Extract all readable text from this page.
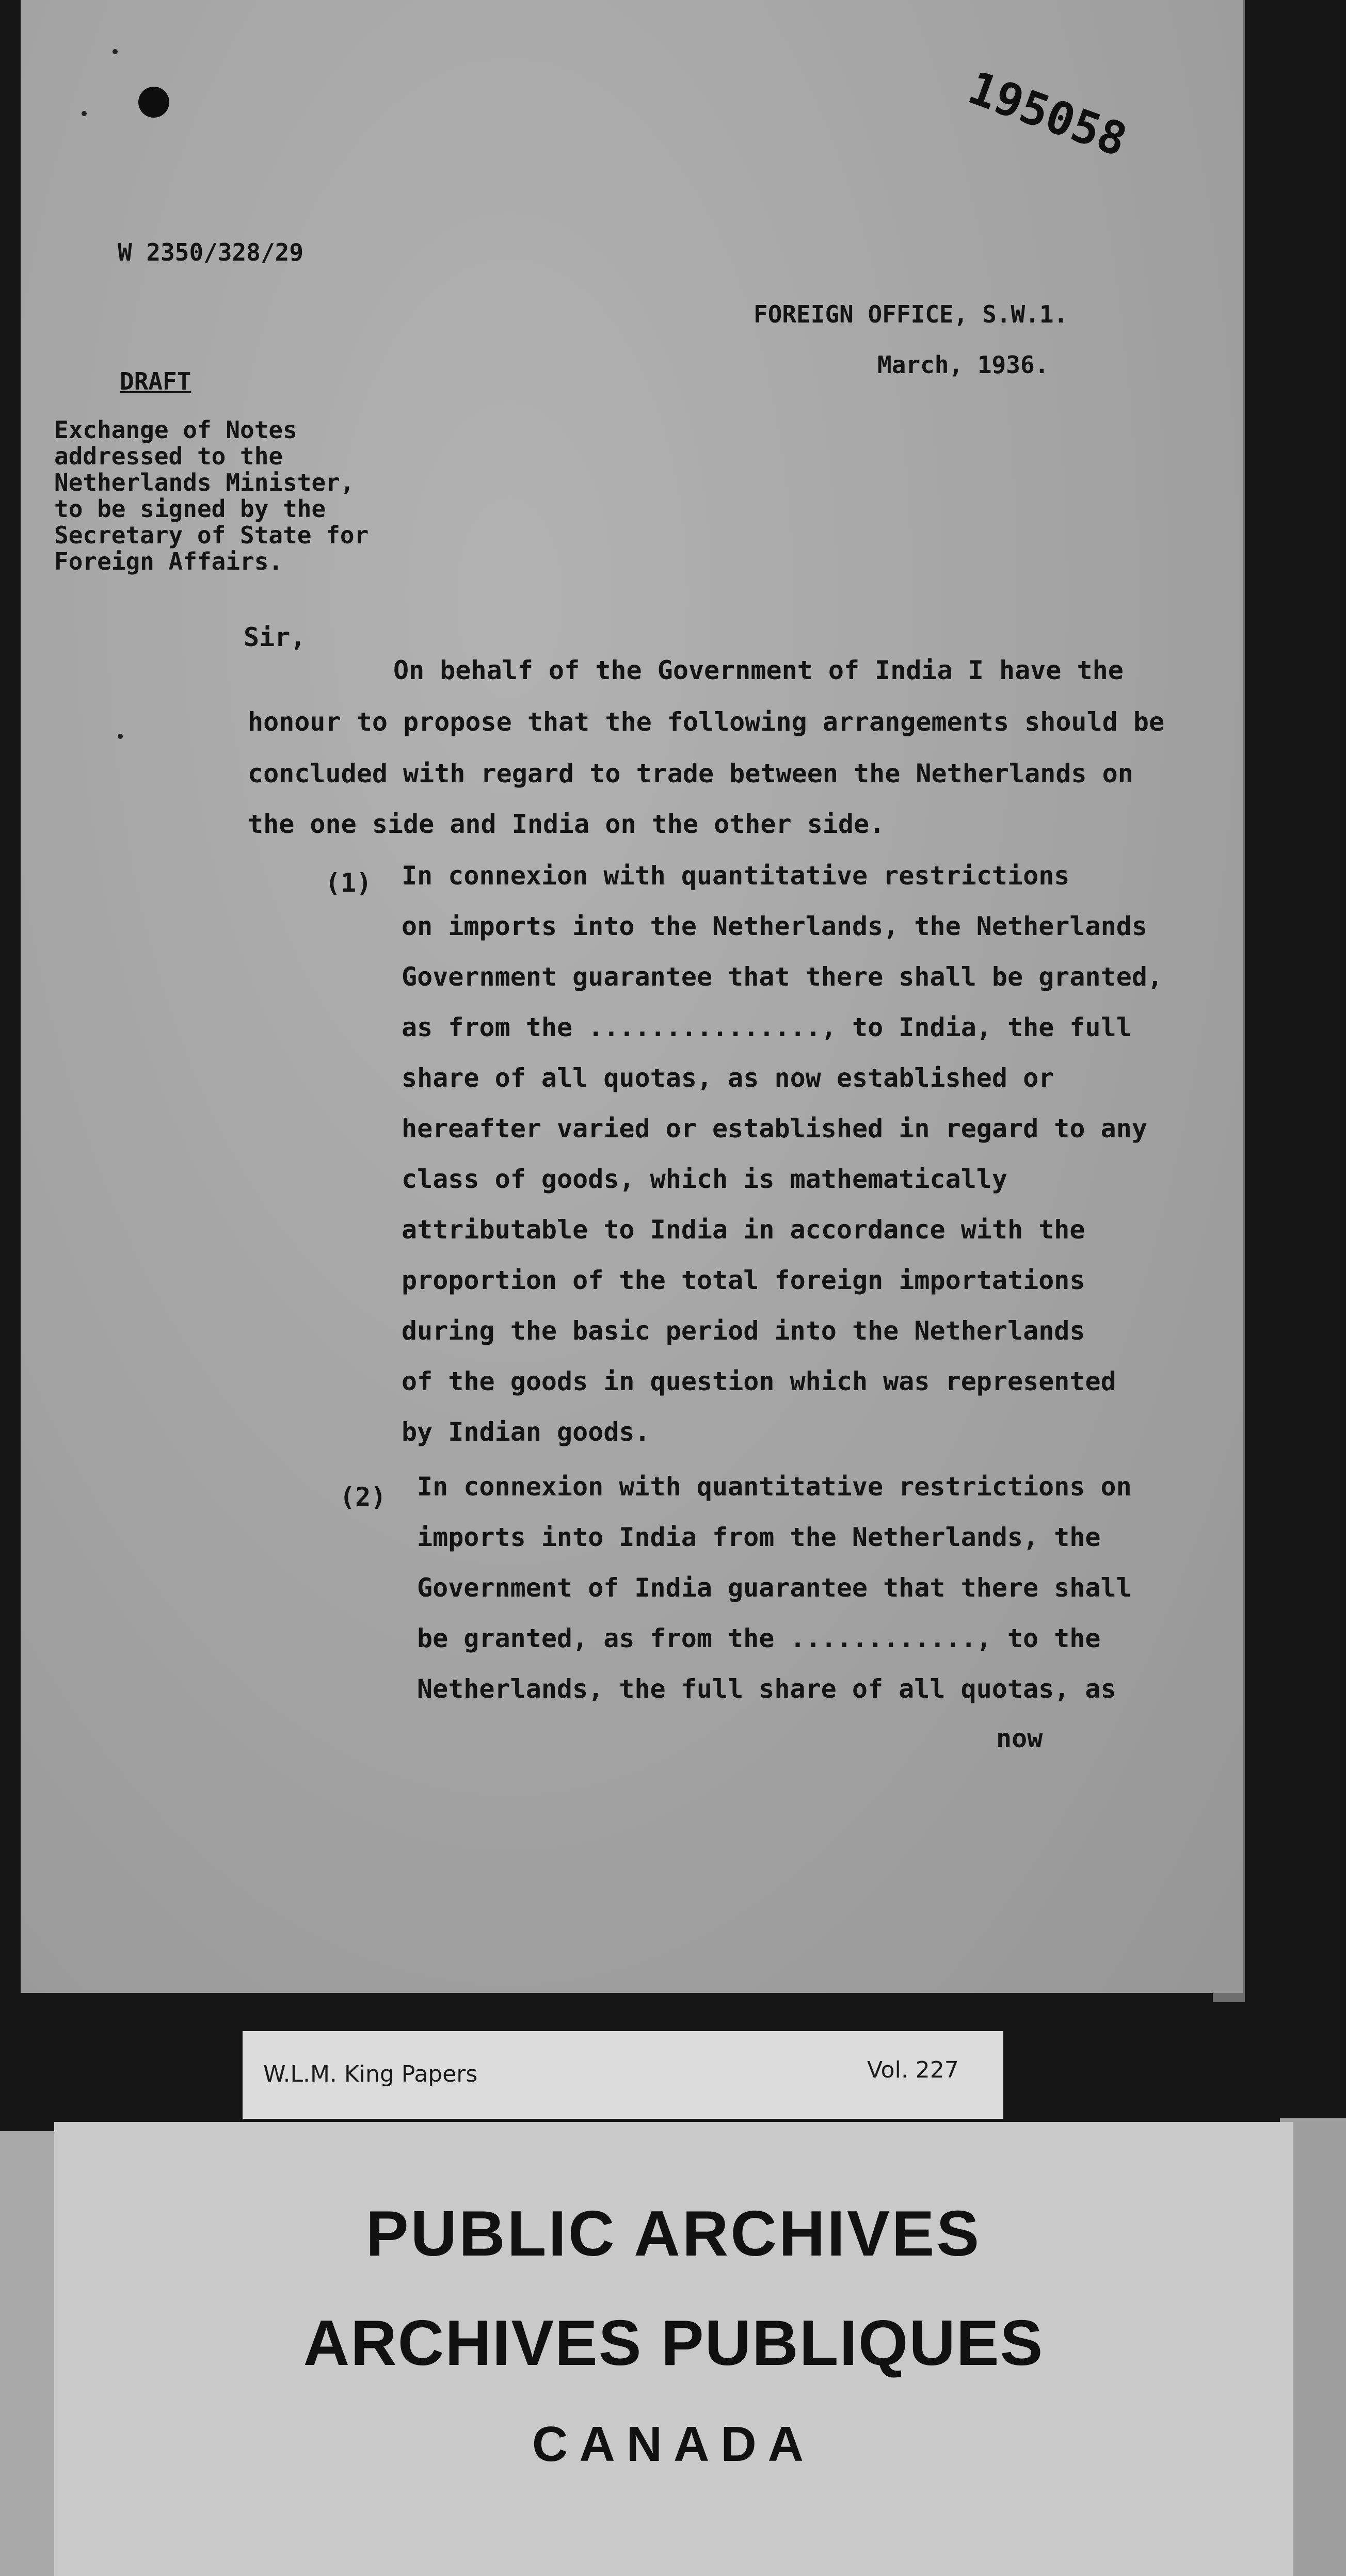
195058
W 2350/328/29
FOREIGN OFFICE, S.W.1.
March, 1936.
DRAFT
Exchange of Notes
addressed to the
Netherlands Minister,
to be signed by the
Secretary of State for
Foreign Affairs.
Sir,
On behalf of the Government of India I have the
honour to propose that the following arrangements should be
concluded with regard to trade between the Netherlands on
the one side and India on the other side.
(1) In connexion with quantitative restrictions
on imports into the Netherlands, the Netherlands
Government guarantee that there shall be granted,
as from the ..............., to India, the full
share of all quotas, as now established or
hereafter varied or established in regard to any
class of goods, which is mathematically
attributable to India in accordance with the
proportion of the total foreign importations
during the basic period into the Netherlands
of the goods in question which was represented
by Indian goods.
(2) In connexion with quantitative restrictions on
imports into India from the Netherlands, the
Government of India guarantee that there shall
be granted, as from the ............, to the
Netherlands, the full share of all quotas, as
now
W.L.M. King Papers	Vol. 227
PUBLIC ARCHIVES
ARCHIVES PUBLIQUES
CANADA
